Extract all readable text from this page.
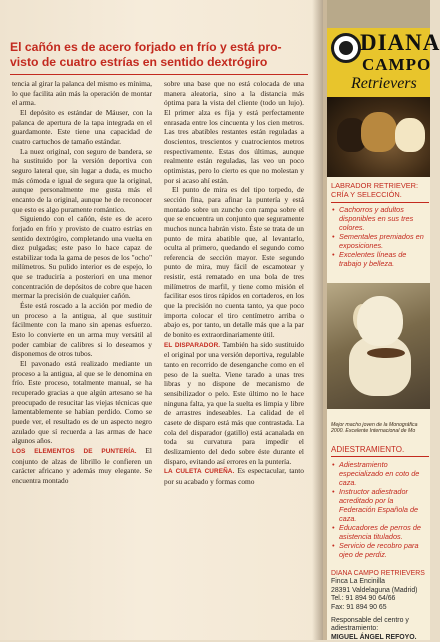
El cañón es de acero forjado en frío y está pro-
visto de cuatro estrías en sentido dextrógiro

tencia al girar la palanca del mismo es mínima, lo que facilita aún más la operación de montar el arma.

El depósito es estándar de Máuser, con la palanca de apertura de la tapa integrada en el guardamonte. Este tiene una capacidad de cuatro cartuchos de tamaño estándar.

La nuez original, con seguro de bandera, se ha sustituido por la versión deportiva con seguro lateral que, sin lugar a duda, es mucho más cómoda e igual de segura que la original, aunque personalmente me gusta más el encanto de la original, aunque he de reconocer que esto es algo puramente romántico.

Siguiendo con el cañón, éste es de acero forjado en frío y provisto de cuatro estrías en sentido dextrógiro, completando una vuelta en diez pulgadas; este paso lo hace capaz de estabilizar toda la gama de pesos de los "ocho" milímetros. Su pulido interior es de espejo, lo que se traduciría a posteriori en una menor concentración de depósitos de cobre que hacen mermar la precisión de cualquier cañón.

Éste está roscado a la acción por medio de un proceso a la antigua, al que sustituir fácilmente con la mano sin apenas esfuerzo. Esto lo convierte en un arma muy versátil al poder cambiar de calibres si lo deseamos y disponemos de otros tubos.

El pavonado está realizado mediante un proceso a la antigua, al que se le denomina en frío. Este proceso, totalmente manual, se ha recuperado gracias a que algún artesano se ha preocupado de resucitar las viejas técnicas que lamentablemente se habían perdido. Como se puede ver, el resultado es de un aspecto negro azulado que sí recuerda a las armas de hace algunos años.

LOS ELEMENTOS DE PUNTERÍA. El conjunto de alzas de librillo le confieren un carácter africano y además muy elegante. Se encuentra montado

sobre una base que no está colocada de una manera aleatoria, sino a la distancia más óptima para la vista del cliente (todo un lujo). El primer alza es fija y está perfectamente enrasada entre los cincuenta y los cien metros. Las tres abatibles restantes están reguladas a doscientos, trescientos y cuatrocientos metros respectivamente. Estas dos últimas, aunque realmente están reguladas, las veo un poco optimistas, pero lo cierto es que no molestan y por si acaso ahí están.

El punto de mira es del tipo torpedo, de sección fina, para afinar la puntería y está montado sobre un zuncho con rampa sobre el que se encuentra un conjunto que seguramente muchos nunca habrán visto. Éste se trata de un punto de mira abatible que, al levantarlo, oculta al primero, quedando el segundo como referencia de sección mayor. Este segundo punto de mira, muy fácil de escamotear y resistir, está rematado en una bola de tres milímetros de marfil, y tiene como misión el facilitar esos tiros rápidos en cortaderos, en los que la precisión no cuenta tanto, ya que poco importa colocar el tiro centímetro arriba o abajo es, por tanto, un detalle más que a la par de bonito es extraordinariamente útil.

EL DISPARADOR. También ha sido sustituido el original por una versión deportiva, regulable tanto en recorrido de desenganche como en el peso de la suelta. Viene tarado a unas tres libras y no dispone de mecanismo de sensibilizador o pelo. Este último no le hace ninguna falta, ya que la suelta es limpia y libre de arrastres indeseables. La calidad de el casete de disparo está más que contrastada. La cola del disparador (gatillo) está acanalada en toda su curvatura para impedir el deslizamiento del dedo sobre éste durante el disparo, evitando así errores en la puntería.

LA CULETA CUREÑA. Es espectacular, tanto por su acabado y formas como

DIANA
CAMPO
Retrievers
LABRADOR RETRIEVER: CRÍA Y SELECCIÓN.
• Cachorros y adultos disponibles en sus tres colores.
• Sementales premiados en exposiciones.
• Excelentes líneas de trabajo y belleza.
Mejor macho joven de la Monográfica 2000. Excelente Internacional de Mo
ADIESTRAMIENTO.
• Adiestramiento especializado en coto de caza.
• Instructor adiestrador acreditado por la Federación Española de caza.
• Educadores de perros de asistencia titulados.
• Servicio de recobro para ojeo de perdiz.
DIANA CAMPO RETRIEVERS
Finca La Encinilla
28391 Valdelaguna (Madrid)
Tel.: 91 894 90 64/66
Fax: 91 894 90 65
Responsable del centro y adiestramiento:
MIGUEL ÁNGEL REFOYO.
